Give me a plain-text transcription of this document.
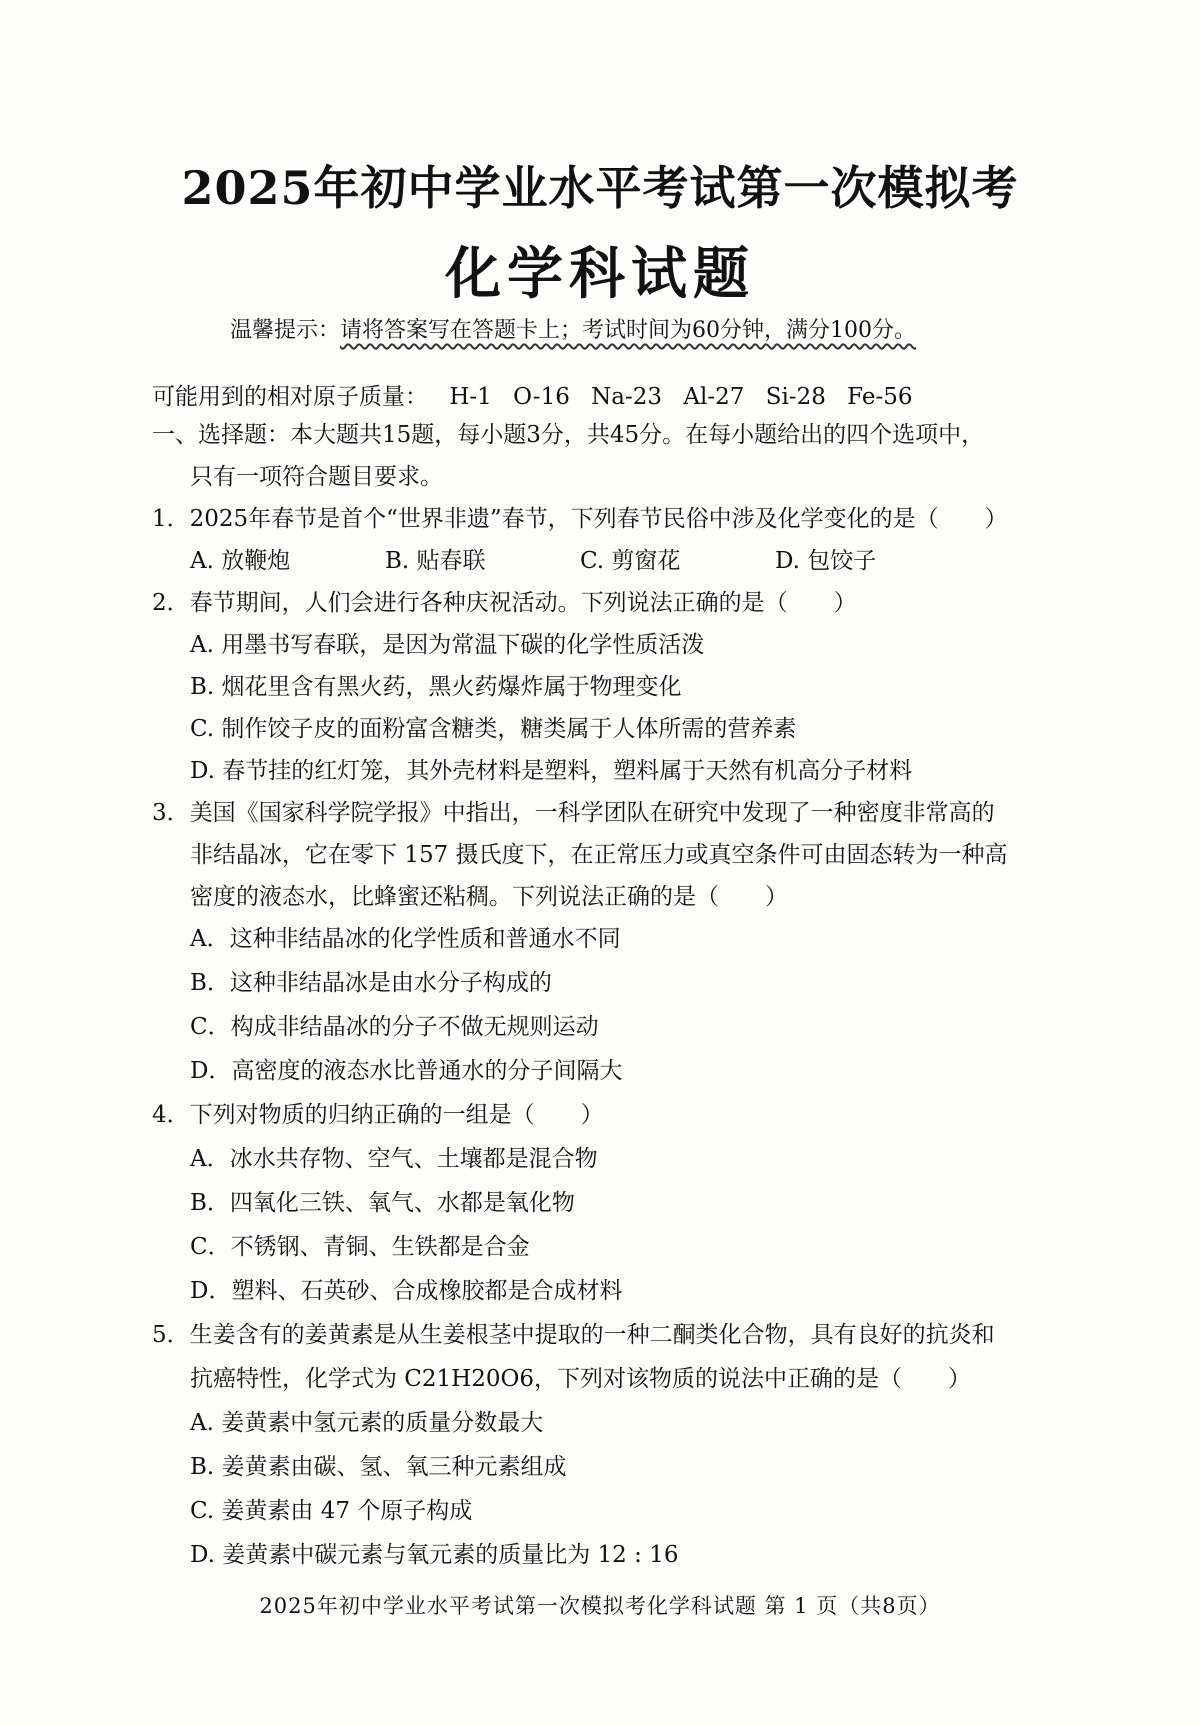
2025年初中学业水平考试第一次模拟考
化学科试题
温馨提示：请将答案写在答题卡上；考试时间为60分钟，满分100分。
可能用到的相对原子质量： H-1 O-16 Na-23 Al-27 Si-28 Fe-56
一、选择题：本大题共15题，每小题3分，共45分。在每小题给出的四个选项中，
只有一项符合题目要求。
1．2025年春节是首个“世界非遗”春节，下列春节民俗中涉及化学变化的是（　　）
A. 放鞭炮	B. 贴春联	C. 剪窗花	D. 包饺子
2．春节期间，人们会进行各种庆祝活动。下列说法正确的是（　　）
A. 用墨书写春联，是因为常温下碳的化学性质活泼
B. 烟花里含有黑火药，黑火药爆炸属于物理变化
C. 制作饺子皮的面粉富含糖类，糖类属于人体所需的营养素
D. 春节挂的红灯笼，其外壳材料是塑料，塑料属于天然有机高分子材料
3．美国《国家科学院学报》中指出，一科学团队在研究中发现了一种密度非常高的
非结晶冰，它在零下 157 摄氏度下，在正常压力或真空条件可由固态转为一种高
密度的液态水，比蜂蜜还粘稠。下列说法正确的是（　　）
A．这种非结晶冰的化学性质和普通水不同
B．这种非结晶冰是由水分子构成的
C．构成非结晶冰的分子不做无规则运动
D．高密度的液态水比普通水的分子间隔大
4．下列对物质的归纳正确的一组是（　　）
A．冰水共存物、空气、土壤都是混合物
B．四氧化三铁、氧气、水都是氧化物
C．不锈钢、青铜、生铁都是合金
D．塑料、石英砂、合成橡胶都是合成材料
5．生姜含有的姜黄素是从生姜根茎中提取的一种二酮类化合物，具有良好的抗炎和
抗癌特性，化学式为 C21H20O6，下列对该物质的说法中正确的是（　　）
A. 姜黄素中氢元素的质量分数最大
B. 姜黄素由碳、氢、氧三种元素组成
C. 姜黄素由 47 个原子构成
D. 姜黄素中碳元素与氧元素的质量比为 12 : 16
2025年初中学业水平考试第一次模拟考化学科试题 第 1 页（共8页）
